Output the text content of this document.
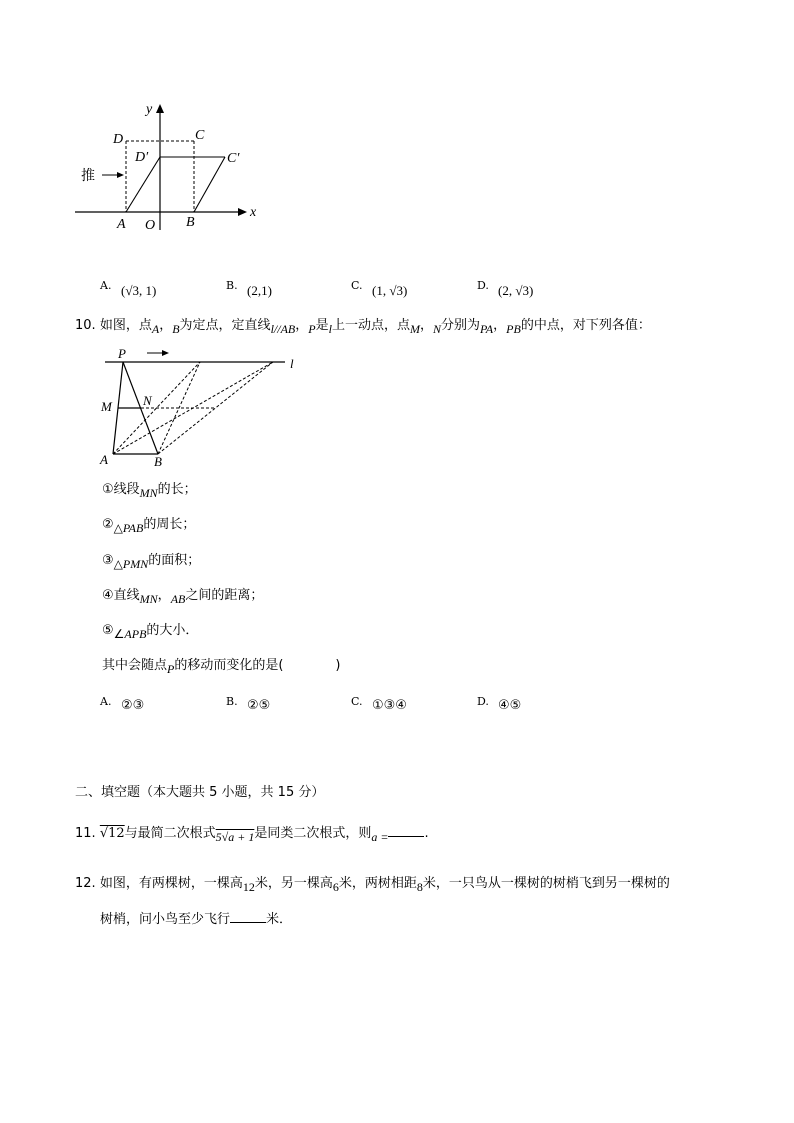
y
x
D	C
D′	C′
推
A O B
A. (√3, 1)	B. (2,1)	C. (1, √3)	D. (2, √3)
10. 如图，点A，B为定点，定直线l//AB，P是l上一动点，点M，N分别为PA，PB的中点，对下列各值：
P
l
M N
A	B
①线段MN的长；
②△PAB的周长；
③△PMN的面积；
④直线MN，AB之间的距离；
⑤∠APB的大小．
其中会随点P的移动而变化的是(　　　　)
A. ②③	B. ②⑤	C. ①③④	D. ④⑤
二、填空题（本大题共 5 小题，共 15 分）
11. √12与最简二次根式5√a + 1是同类二次根式，则a =	.
12. 如图，有两棵树，一棵高12米，另一棵高6米，两树相距8米，一只鸟从一棵树的树梢飞到另一棵树的
树梢，问小鸟至少飞行	米．
